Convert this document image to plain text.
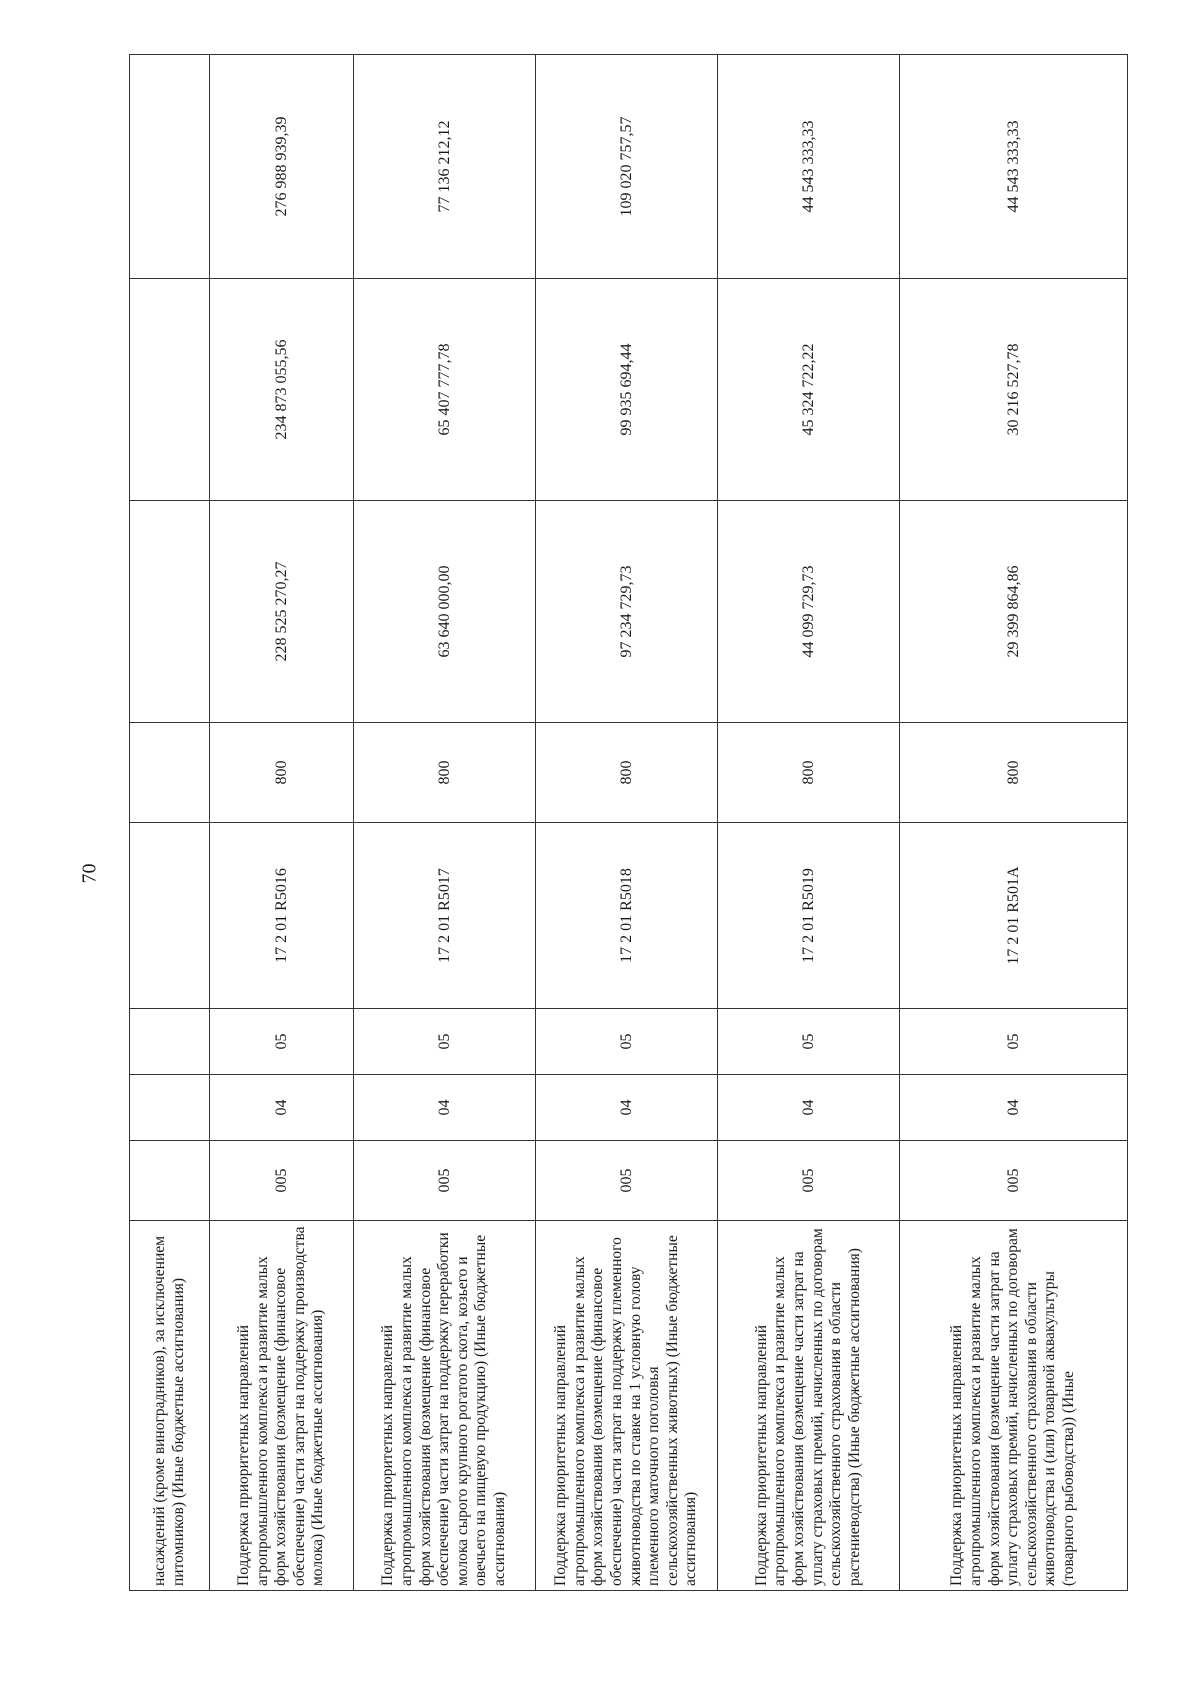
70
насаждений (кроме виноградников), за исключением питомников) (Иные бюджетные ассигнования)								
Поддержка приоритетных направлений агропромышленного комплекса и развитие малых форм хозяйствования (возмещение (финансовое обеспечение) части затрат на поддержку производства молока) (Иные бюджетные ассигнования)	005	04	05	17 2 01 R5016	800	228 525 270,27	234 873 055,56	276 988 939,39
Поддержка приоритетных направлений агропромышленного комплекса и развитие малых форм хозяйствования (возмещение (финансовое обеспечение) части затрат на поддержку переработки молока сырого крупного рогатого скота, козьего и овечьего на пищевую продукцию) (Иные бюджетные ассигнования)	005	04	05	17 2 01 R5017	800	63 640 000,00	65 407 777,78	77 136 212,12
Поддержка приоритетных направлений агропромышленного комплекса и развитие малых форм хозяйствования (возмещение (финансовое обеспечение) части затрат на поддержку племенного животноводства по ставке на 1 условную голову племенного маточного поголовья сельскохозяйственных животных) (Иные бюджетные ассигнования)	005	04	05	17 2 01 R5018	800	97 234 729,73	99 935 694,44	109 020 757,57
Поддержка приоритетных направлений агропромышленного комплекса и развитие малых форм хозяйствования (возмещение части затрат на уплату страховых премий, начисленных по договорам сельскохозяйственного страхования в области растениеводства) (Иные бюджетные ассигнования)	005	04	05	17 2 01 R5019	800	44 099 729,73	45 324 722,22	44 543 333,33
Поддержка приоритетных направлений агропромышленного комплекса и развитие малых форм хозяйствования (возмещение части затрат на уплату страховых премий, начисленных по договорам сельскохозяйственного страхования в области животноводства и (или) товарной аквакультуры (товарного рыбоводства)) (Иные	005	04	05	17 2 01 R501A	800	29 399 864,86	30 216 527,78	44 543 333,33
